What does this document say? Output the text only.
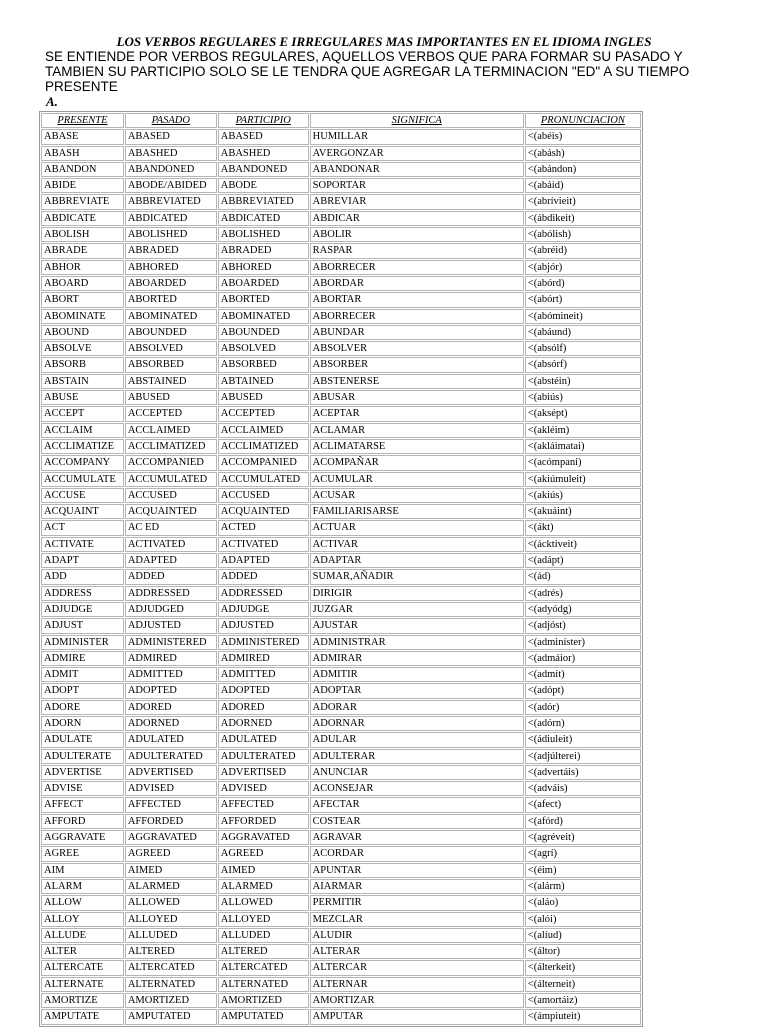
LOS VERBOS REGULARES E IRREGULARES MAS IMPORTANTES EN EL IDIOMA INGLES
SE ENTIENDE POR VERBOS REGULARES, AQUELLOS VERBOS QUE PARA FORMAR SU PASADO Y TAMBIEN SU PARTICIPIO SOLO SE LE TENDRA QUE AGREGAR LA TERMINACION "ED" A SU TIEMPO PRESENTE
A.
PRESENTE	PASADO	PARTICIPIO	SIGNIFICA	PRONUNCIACION
ABASE	ABASED	ABASED	HUMILLAR	<(abéis)
ABASH	ABASHED	ABASHED	AVERGONZAR	<(abásh)
ABANDON	ABANDONED	ABANDONED	ABANDONAR	<(abándon)
ABIDE	ABODE/ABIDED	ABODE	SOPORTAR	<(abáid)
ABBREVIATE	ABBREVIATED	ABBREVIATED	ABREVIAR	<(abrívieit)
ABDICATE	ABDICATED	ABDICATED	ABDICAR	<(ábdikeit)
ABOLISH	ABOLISHED	ABOLISHED	ABOLIR	<(abólish)
ABRADE	ABRADED	ABRADED	RASPAR	<(abréid)
ABHOR	ABHORED	ABHORED	ABORRECER	<(abjór)
ABOARD	ABOARDED	ABOARDED	ABORDAR	<(abórd)
ABORT	ABORTED	ABORTED	ABORTAR	<(abórt)
ABOMINATE	ABOMINATED	ABOMINATED	ABORRECER	<(abómineit)
ABOUND	ABOUNDED	ABOUNDED	ABUNDAR	<(abáund)
ABSOLVE	ABSOLVED	ABSOLVED	ABSOLVER	<(absólf)
ABSORB	ABSORBED	ABSORBED	ABSORBER	<(absórf)
ABSTAIN	ABSTAINED	ABTAINED	ABSTENERSE	<(abstéin)
ABUSE	ABUSED	ABUSED	ABUSAR	<(abiús)
ACCEPT	ACCEPTED	ACCEPTED	ACEPTAR	<(aksépt)
ACCLAIM	ACCLAIMED	ACCLAIMED	ACLAMAR	<(akléim)
ACCLIMATIZE	ACCLIMATIZED	ACCLIMATIZED	ACLIMATARSE	<(akláimatai)
ACCOMPANY	ACCOMPANIED	ACCOMPANIED	ACOMPAÑAR	<(acómpani)
ACCUMULATE	ACCUMULATED	ACCUMULATED	ACUMULAR	<(akiúmuleit)
ACCUSE	ACCUSED	ACCUSED	ACUSAR	<(akiús)
ACQUAINT	ACQUAINTED	ACQUAINTED	FAMILIARISARSE	<(akuáint)
ACT	AC ED	ACTED	ACTUAR	<(ákt)
ACTIVATE	ACTIVATED	ACTIVATED	ACTIVAR	<(ácktiveit)
ADAPT	ADAPTED	ADAPTED	ADAPTAR	<(adápt)
ADD	ADDED	ADDED	SUMAR,AÑADIR	<(ád)
ADDRESS	ADDRESSED	ADDRESSED	DIRIGIR	<(adrés)
ADJUDGE	ADJUDGED	ADJUDGE	JUZGAR	<(adyódg)
ADJUST	ADJUSTED	ADJUSTED	AJUSTAR	<(adjóst)
ADMINISTER	ADMINISTERED	ADMINISTERED	ADMINISTRAR	<(adminíster)
ADMIRE	ADMIRED	ADMIRED	ADMIRAR	<(admáior)
ADMIT	ADMITTED	ADMITTED	ADMITIR	<(admít)
ADOPT	ADOPTED	ADOPTED	ADOPTAR	<(adópt)
ADORE	ADORED	ADORED	ADORAR	<(adór)
ADORN	ADORNED	ADORNED	ADORNAR	<(adórn)
ADULATE	ADULATED	ADULATED	ADULAR	<(ádiuleit)
ADULTERATE	ADULTERATED	ADULTERATED	ADULTERAR	<(adjúlterei)
ADVERTISE	ADVERTISED	ADVERTISED	ANUNCIAR	<(advertáis)
ADVISE	ADVISED	ADVISED	ACONSEJAR	<(adváis)
AFFECT	AFFECTED	AFFECTED	AFECTAR	<(afect)
AFFORD	AFFORDED	AFFORDED	COSTEAR	<(afórd)
AGGRAVATE	AGGRAVATED	AGGRAVATED	AGRAVAR	<(agréveit)
AGREE	AGREED	AGREED	ACORDAR	<(agrí)
AIM	AIMED	AIMED	APUNTAR	<(éim)
ALARM	ALARMED	ALARMED	AIARMAR	<(alárm)
ALLOW	ALLOWED	ALLOWED	PERMITIR	<(aláo)
ALLOY	ALLOYED	ALLOYED	MEZCLAR	<(alói)
ALLUDE	ALLUDED	ALLUDED	ALUDIR	<(alíud)
ALTER	ALTERED	ALTERED	ALTERAR	<(áltor)
ALTERCATE	ALTERCATED	ALTERCATED	ALTERCAR	<(álterkeit)
ALTERNATE	ALTERNATED	ALTERNATED	ALTERNAR	<(álterneit)
AMORTIZE	AMORTIZED	AMORTIZED	AMORTIZAR	<(amortáiz)
AMPUTATE	AMPUTATED	AMPUTATED	AMPUTAR	<(ámpiuteit)
